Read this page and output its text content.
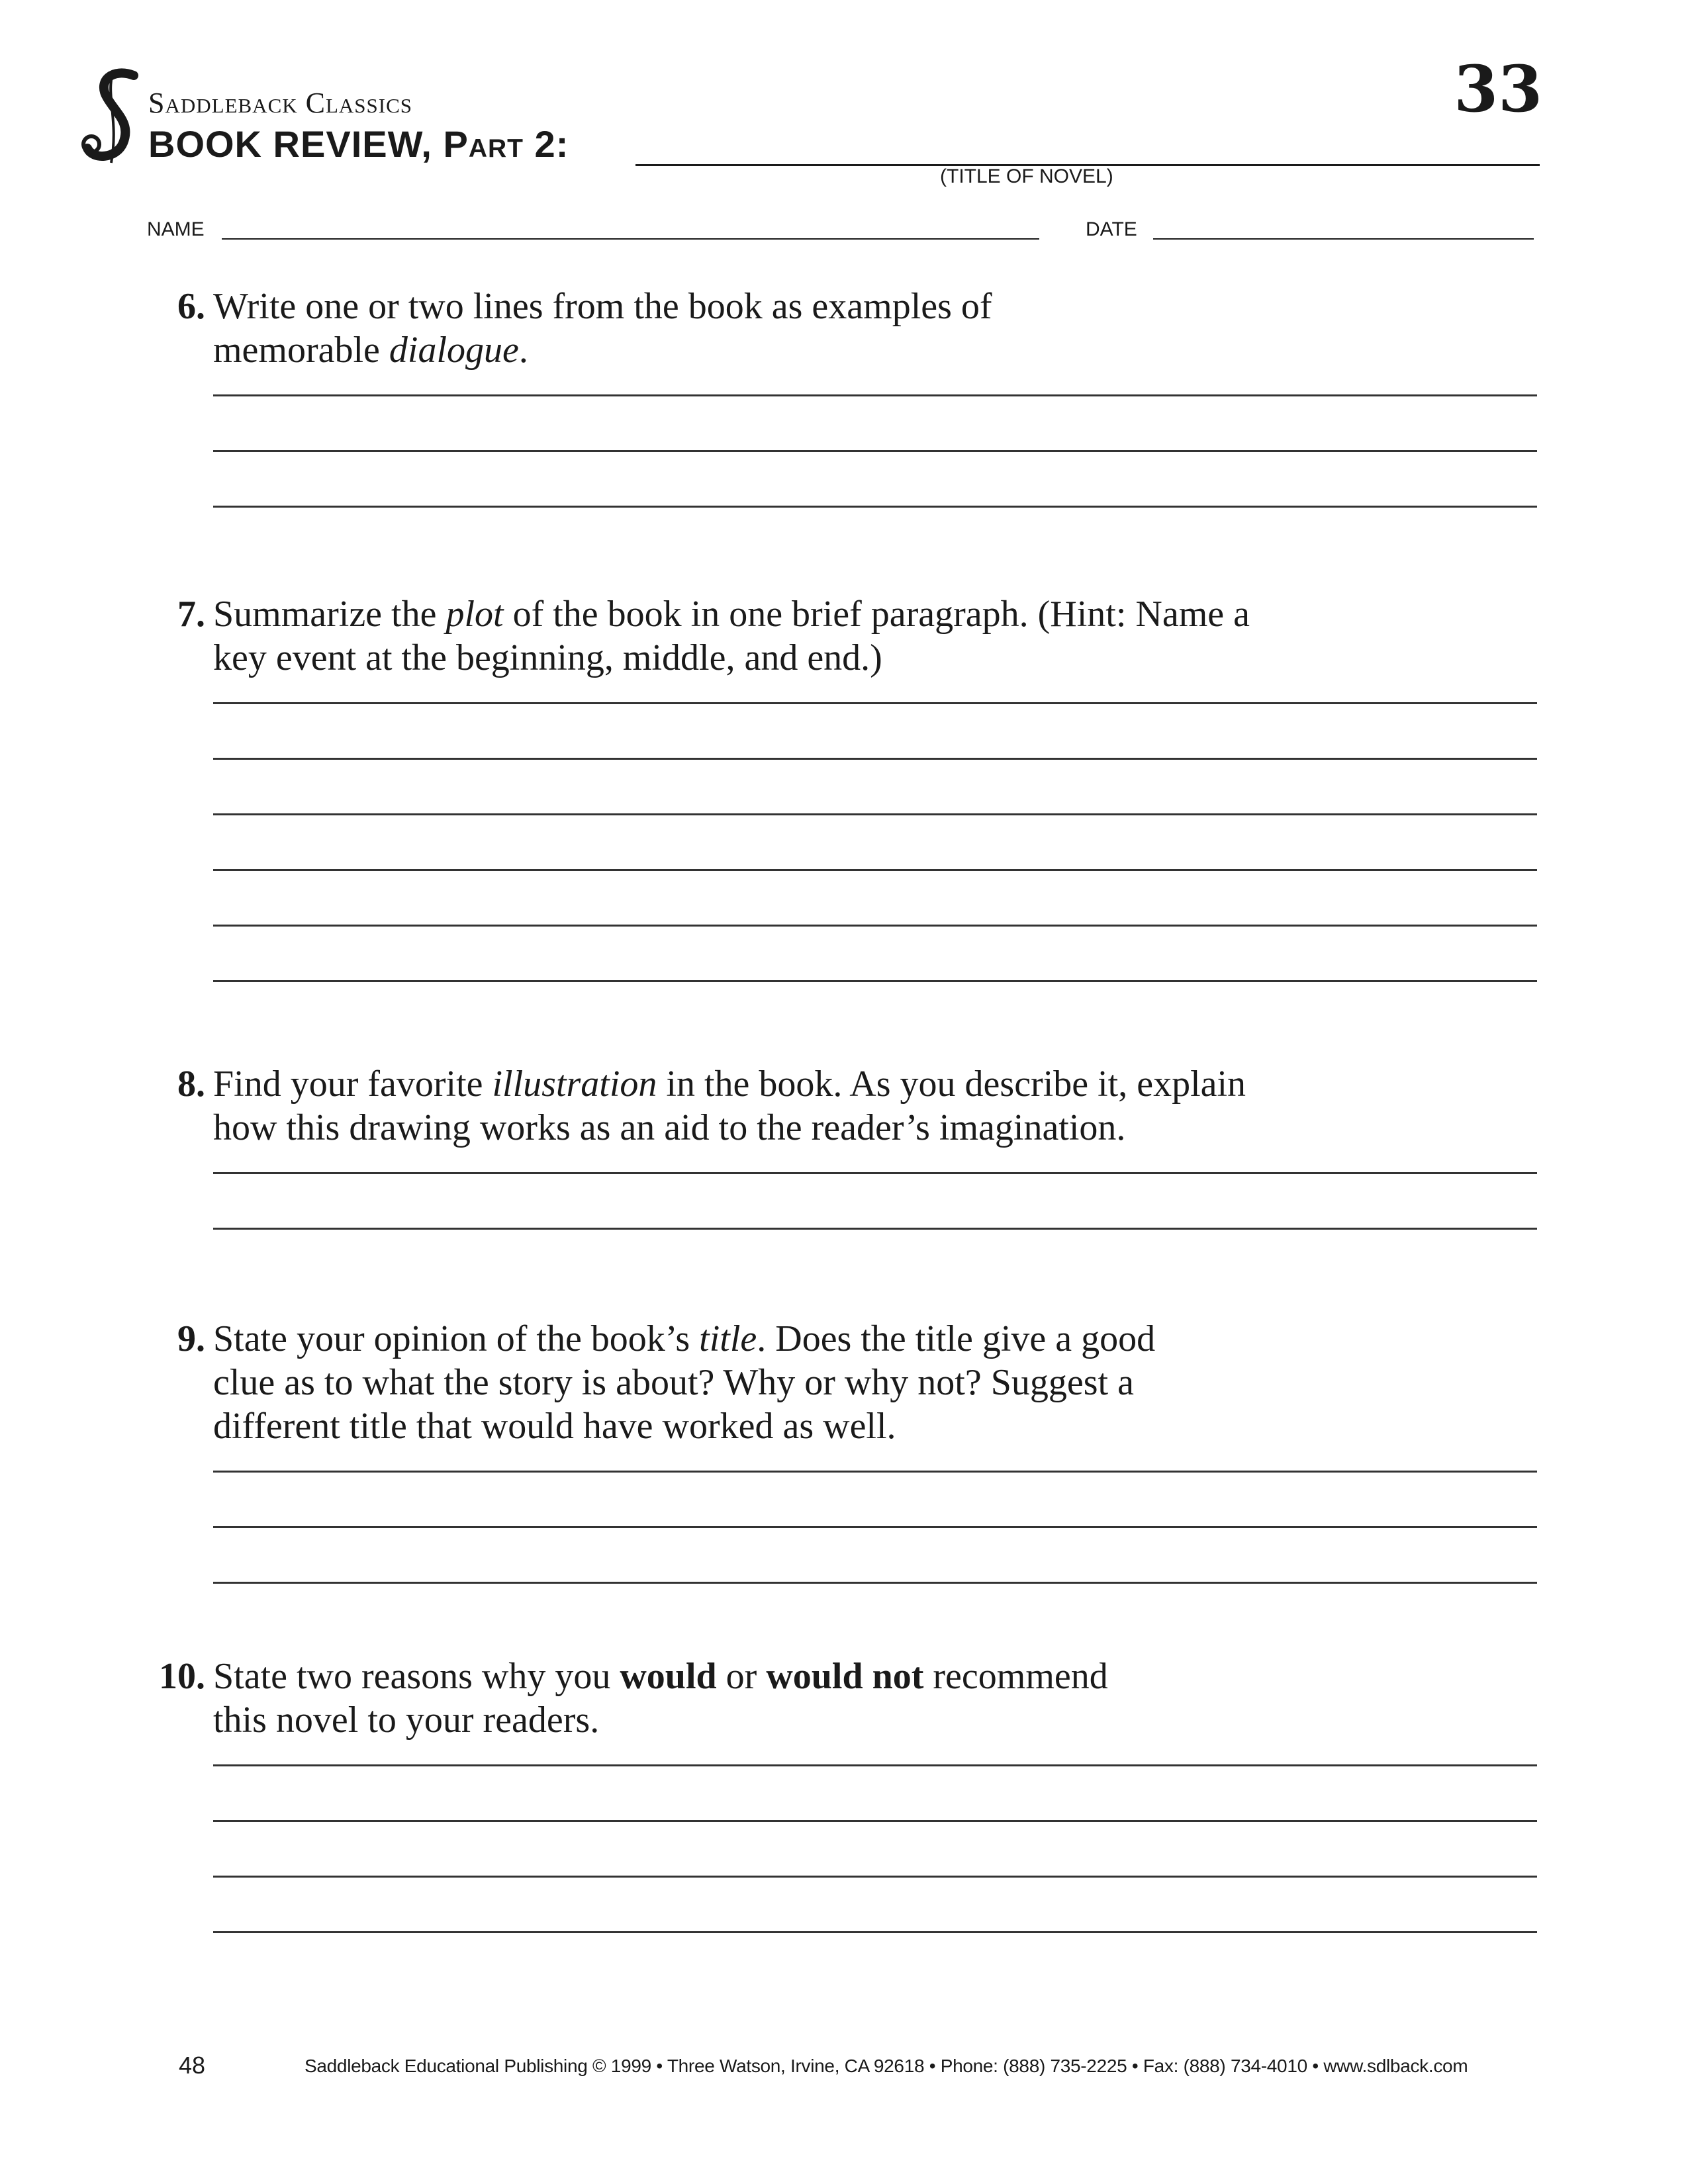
Saddleback Classics
BOOK REVIEW, Part 2:
(TITLE OF NOVEL)
33
NAME	DATE
6. Write one or two lines from the book as examples of
memorable dialogue.
7. Summarize the plot of the book in one brief paragraph. (Hint: Name a
key event at the beginning, middle, and end.)
8. Find your favorite illustration in the book. As you describe it, explain
how this drawing works as an aid to the reader’s imagination.
9. State your opinion of the book’s title. Does the title give a good
clue as to what the story is about? Why or why not? Suggest a
different title that would have worked as well.
10. State two reasons why you would or would not recommend
this novel to your readers.
48	Saddleback Educational Publishing © 1999 • Three Watson, Irvine, CA 92618 • Phone: (888) 735-2225 • Fax: (888) 734-4010 • www.sdlback.com
